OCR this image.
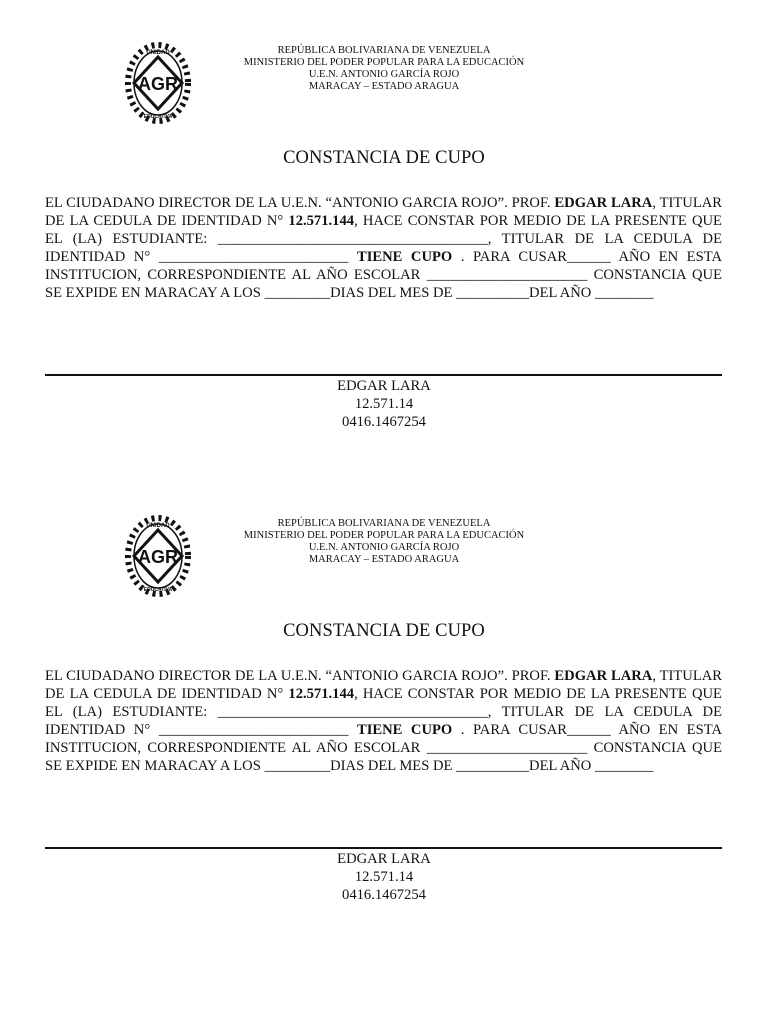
AGR
UNIDAD
EDUCATIVA
REPÚBLICA BOLIVARIANA DE VENEZUELA
MINISTERIO DEL PODER POPULAR PARA LA EDUCACIÓN
U.E.N. ANTONIO GARCÍA ROJO
MARACAY – ESTADO ARAGUA
CONSTANCIA DE CUPO
EL CIUDADANO DIRECTOR DE LA U.E.N. “ANTONIO GARCIA ROJO”. PROF. EDGAR LARA, TITULAR DE LA CEDULA DE IDENTIDAD N° 12.571.144, HACE CONSTAR POR MEDIO DE LA PRESENTE QUE EL (LA) ESTUDIANTE: _____________________________________, TITULAR DE LA CEDULA DE IDENTIDAD N° __________________________ TIENE CUPO . PARA CUSAR______ AÑO EN ESTA INSTITUCION, CORRESPONDIENTE AL AÑO ESCOLAR ______________________ CONSTANCIA QUE SE EXPIDE EN MARACAY A LOS _________DIAS DEL MES DE __________DEL AÑO ________
EDGAR LARA
12.571.14
0416.1467254
AGR
UNIDAD
EDUCATIVA
REPÚBLICA BOLIVARIANA DE VENEZUELA
MINISTERIO DEL PODER POPULAR PARA LA EDUCACIÓN
U.E.N. ANTONIO GARCÍA ROJO
MARACAY – ESTADO ARAGUA
CONSTANCIA DE CUPO
EL CIUDADANO DIRECTOR DE LA U.E.N. “ANTONIO GARCIA ROJO”. PROF. EDGAR LARA, TITULAR DE LA CEDULA DE IDENTIDAD N° 12.571.144, HACE CONSTAR POR MEDIO DE LA PRESENTE QUE EL (LA) ESTUDIANTE: _____________________________________, TITULAR DE LA CEDULA DE IDENTIDAD N° __________________________ TIENE CUPO . PARA CUSAR______ AÑO EN ESTA INSTITUCION, CORRESPONDIENTE AL AÑO ESCOLAR ______________________ CONSTANCIA QUE SE EXPIDE EN MARACAY A LOS _________DIAS DEL MES DE __________DEL AÑO ________
EDGAR LARA
12.571.14
0416.1467254
